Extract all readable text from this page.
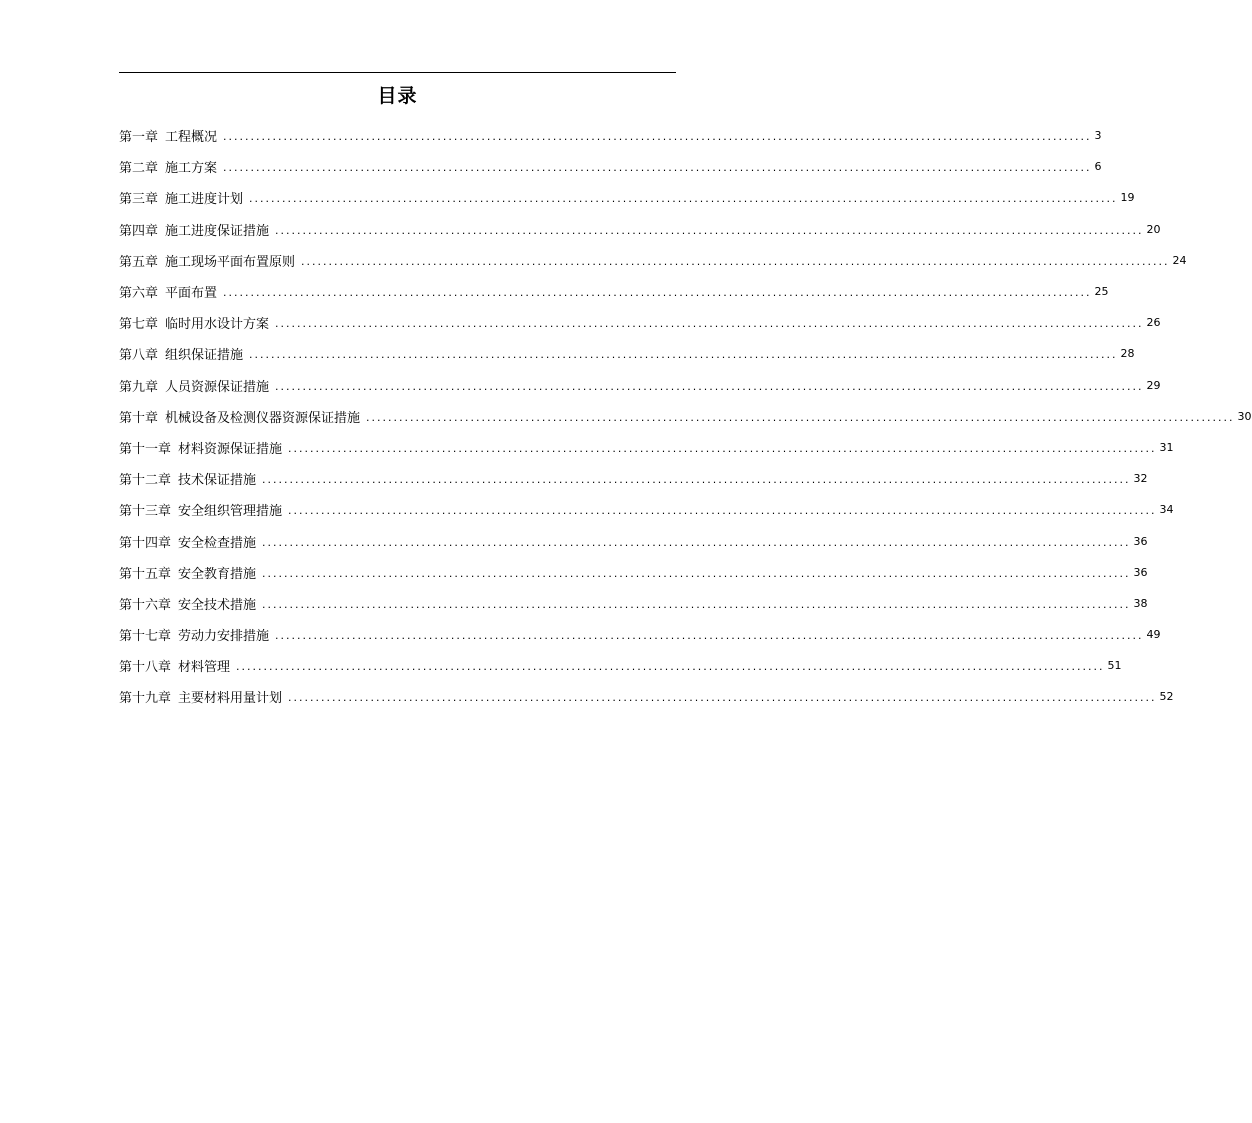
目录
第一章 工程概况 .............................................................................................................................................................. 3
第二章 施工方案 .............................................................................................................................................................. 6
第三章 施工进度计划 .............................................................................................................................................................. 19
第四章 施工进度保证措施 .............................................................................................................................................................. 20
第五章 施工现场平面布置原则 .............................................................................................................................................................. 24
第六章 平面布置 .............................................................................................................................................................. 25
第七章 临时用水设计方案 .............................................................................................................................................................. 26
第八章 组织保证措施 .............................................................................................................................................................. 28
第九章 人员资源保证措施 .............................................................................................................................................................. 29
第十章 机械设备及检测仪器资源保证措施 .............................................................................................................................................................. 30
第十一章 材料资源保证措施 .............................................................................................................................................................. 31
第十二章 技术保证措施 .............................................................................................................................................................. 32
第十三章 安全组织管理措施 .............................................................................................................................................................. 34
第十四章 安全检查措施 .............................................................................................................................................................. 36
第十五章 安全教育措施 .............................................................................................................................................................. 36
第十六章 安全技术措施 .............................................................................................................................................................. 38
第十七章 劳动力安排措施 .............................................................................................................................................................. 49
第十八章 材料管理 .............................................................................................................................................................. 51
第十九章 主要材料用量计划 .............................................................................................................................................................. 52
